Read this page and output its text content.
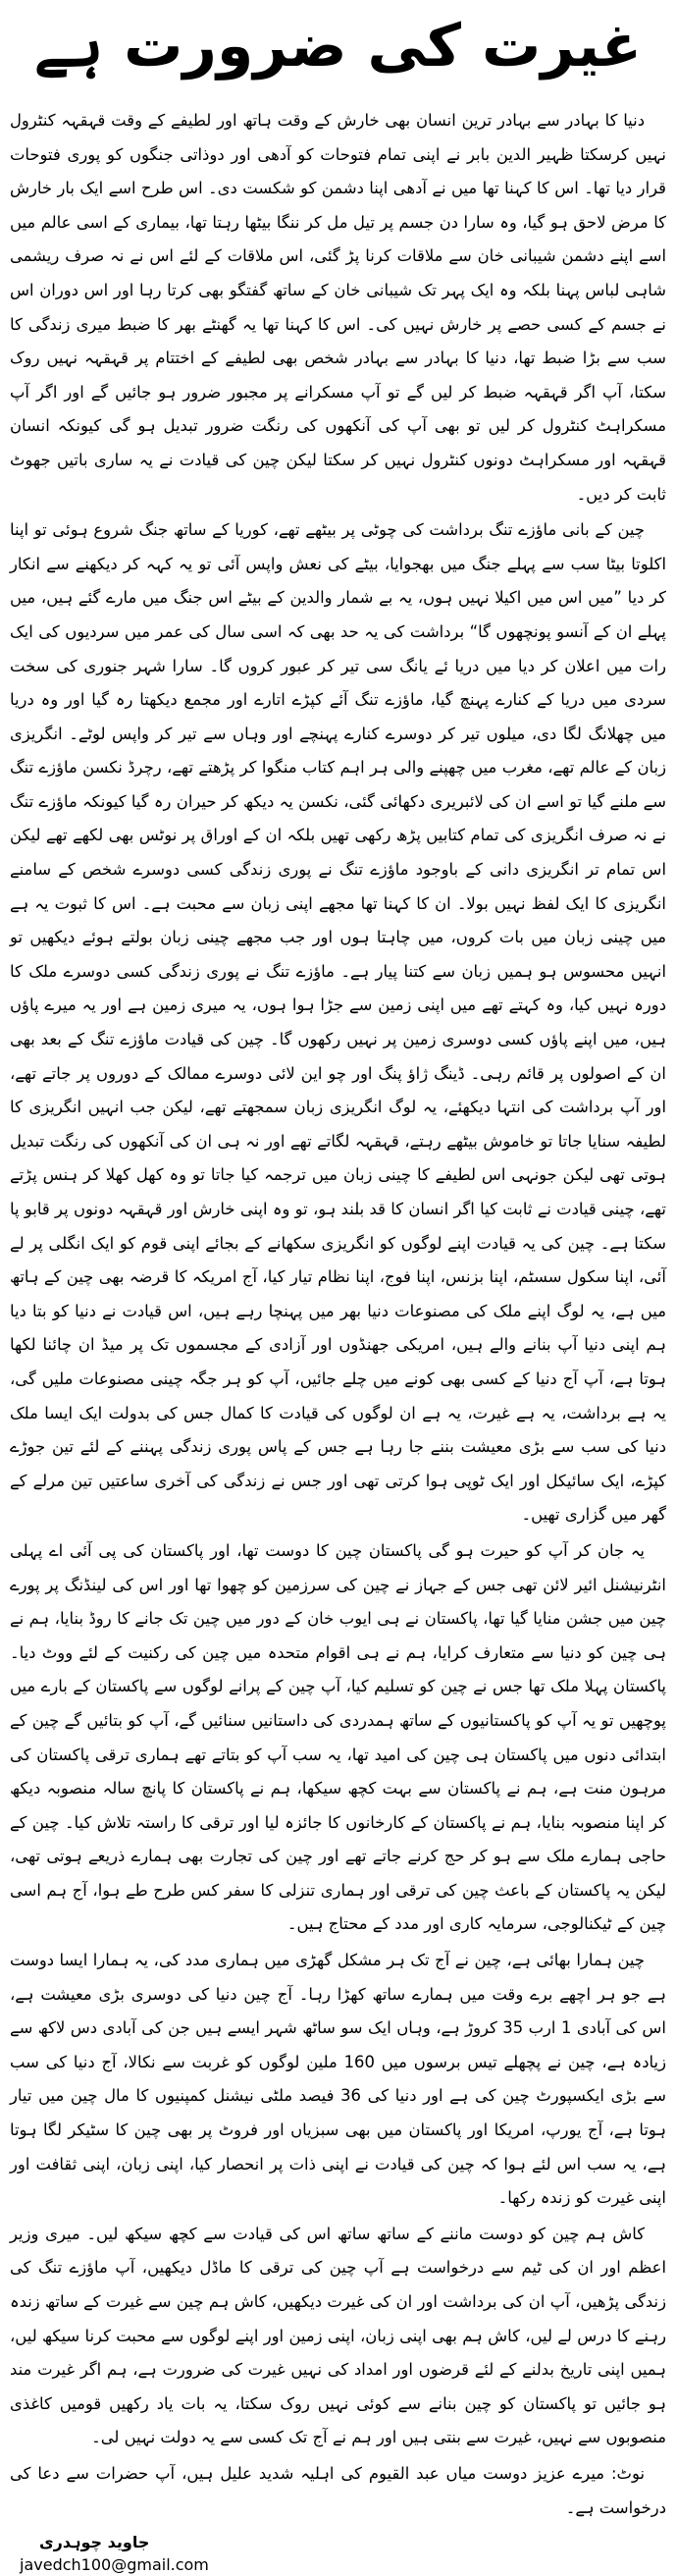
غیرت کی ضرورت ہے

دنیا کا بہادر سے بہادر ترین انسان بھی خارش کے وقت ہاتھ اور لطیفے کے وقت قہقہہ کنٹرول نہیں کرسکتا ظہیر الدین بابر نے اپنی تمام فتوحات کو آدھی اور دوذاتی جنگوں کو پوری فتوحات قرار دیا تھا۔ اس کا کہنا تھا میں نے آدھی اپنا دشمن کو شکست دی۔ اس طرح اسے ایک بار خارش کا مرض لاحق ہو گیا، وہ سارا دن جسم پر تیل مل کر ننگا بیٹھا رہتا تھا، بیماری کے اسی عالم میں اسے اپنے دشمن شیبانی خان سے ملاقات کرنا پڑ گئی، اس ملاقات کے لئے اس نے نہ صرف ریشمی شاہی لباس پہنا بلکہ وہ ایک پہر تک شیبانی خان کے ساتھ گفتگو بھی کرتا رہا اور اس دوران اس نے جسم کے کسی حصے پر خارش نہیں کی۔ اس کا کہنا تھا یہ گھنٹے بھر کا ضبط میری زندگی کا سب سے بڑا ضبط تھا، دنیا کا بہادر سے بہادر شخص بھی لطیفے کے اختتام پر قہقہہ نہیں روک سکتا، آپ اگر قہقہہ ضبط کر لیں گے تو آپ مسکرانے پر مجبور ضرور ہو جائیں گے اور اگر آپ مسکراہٹ کنٹرول کر لیں تو بھی آپ کی آنکھوں کی رنگت ضرور تبدیل ہو گی کیونکہ انسان قہقہہ اور مسکراہٹ دونوں کنٹرول نہیں کر سکتا لیکن چین کی قیادت نے یہ ساری باتیں جھوٹ ثابت کر دیں۔

چین کے بانی ماؤزے تنگ برداشت کی چوٹی پر بیٹھے تھے، کوریا کے ساتھ جنگ شروع ہوئی تو اپنا اکلوتا بیٹا سب سے پہلے جنگ میں بھجوایا، بیٹے کی نعش واپس آئی تو یہ کہہ کر دیکھنے سے انکار کر دیا ”میں اس میں اکیلا نہیں ہوں، یہ بے شمار والدین کے بیٹے اس جنگ میں مارے گئے ہیں، میں پہلے ان کے آنسو پونچھوں گا“ برداشت کی یہ حد بھی کہ اسی سال کی عمر میں سردیوں کی ایک رات میں اعلان کر دیا میں دریا ئے یانگ سی تیر کر عبور کروں گا۔ سارا شہر جنوری کی سخت سردی میں دریا کے کنارے پہنچ گیا، ماؤزے تنگ آئے کپڑے اتارے اور مجمع دیکھتا رہ گیا اور وہ دریا میں چھلانگ لگا دی، میلوں تیر کر دوسرے کنارے پہنچے اور وہاں سے تیر کر واپس لوٹے۔ انگریزی زبان کے عالم تھے، مغرب میں چھپنے والی ہر اہم کتاب منگوا کر پڑھتے تھے، رچرڈ نکسن ماؤزے تنگ سے ملنے گیا تو اسے ان کی لائبریری دکھائی گئی، نکسن یہ دیکھ کر حیران رہ گیا کیونکہ ماؤزے تنگ نے نہ صرف انگریزی کی تمام کتابیں پڑھ رکھی تھیں بلکہ ان کے اوراق پر نوٹس بھی لکھے تھے لیکن اس تمام تر انگریزی دانی کے باوجود ماؤزے تنگ نے پوری زندگی کسی دوسرے شخص کے سامنے انگریزی کا ایک لفظ نہیں بولا۔ ان کا کہنا تھا مجھے اپنی زبان سے محبت ہے۔ اس کا ثبوت یہ ہے میں چینی زبان میں بات کروں، میں چاہتا ہوں اور جب مجھے چینی زبان بولتے ہوئے دیکھیں تو انہیں محسوس ہو ہمیں زبان سے کتنا پیار ہے۔ ماؤزے تنگ نے پوری زندگی کسی دوسرے ملک کا دورہ نہیں کیا، وہ کہتے تھے میں اپنی زمین سے جڑا ہوا ہوں، یہ میری زمین ہے اور یہ میرے پاؤں ہیں، میں اپنے پاؤں کسی دوسری زمین پر نہیں رکھوں گا۔ چین کی قیادت ماؤزے تنگ کے بعد بھی ان کے اصولوں پر قائم رہی۔ ڈینگ ژاؤ پنگ اور چو این لائی دوسرے ممالک کے دوروں پر جاتے تھے، اور آپ برداشت کی انتہا دیکھئے، یہ لوگ انگریزی زبان سمجھتے تھے، لیکن جب انہیں انگریزی کا لطیفہ سنایا جاتا تو خاموش بیٹھے رہتے، قہقہہ لگاتے تھے اور نہ ہی ان کی آنکھوں کی رنگت تبدیل ہوتی تھی لیکن جونہی اس لطیفے کا چینی زبان میں ترجمہ کیا جاتا تو وہ کھل کھلا کر ہنس پڑتے تھے، چینی قیادت نے ثابت کیا اگر انسان کا قد بلند ہو، تو وہ اپنی خارش اور قہقہہ دونوں پر قابو پا سکتا ہے۔ چین کی یہ قیادت اپنے لوگوں کو انگریزی سکھانے کے بجائے اپنی قوم کو ایک انگلی پر لے آئی، اپنا سکول سسٹم، اپنا بزنس، اپنا فوج، اپنا نظام تیار کیا، آج امریکہ کا قرضہ بھی چین کے ہاتھ میں ہے، یہ لوگ اپنے ملک کی مصنوعات دنیا بھر میں پہنچا رہے ہیں، اس قیادت نے دنیا کو بتا دیا ہم اپنی دنیا آپ بنانے والے ہیں، امریکی جھنڈوں اور آزادی کے مجسموں تک پر میڈ ان چائنا لکھا ہوتا ہے، آپ آج دنیا کے کسی بھی کونے میں چلے جائیں، آپ کو ہر جگہ چینی مصنوعات ملیں گی، یہ ہے برداشت، یہ ہے غیرت، یہ ہے ان لوگوں کی قیادت کا کمال جس کی بدولت ایک ایسا ملک دنیا کی سب سے بڑی معیشت بننے جا رہا ہے جس کے پاس پوری زندگی پہننے کے لئے تین جوڑے کپڑے، ایک سائیکل اور ایک ٹوپی ہوا کرتی تھی اور جس نے زندگی کی آخری ساعتیں تین مرلے کے گھر میں گزاری تھیں۔

یہ جان کر آپ کو حیرت ہو گی پاکستان چین کا دوست تھا، اور پاکستان کی پی آئی اے پہلی انٹرنیشنل ائیر لائن تھی جس کے جہاز نے چین کی سرزمین کو چھوا تھا اور اس کی لینڈنگ پر پورے چین میں جشن منایا گیا تھا، پاکستان نے ہی ایوب خان کے دور میں چین تک جانے کا روڈ بنایا، ہم نے ہی چین کو دنیا سے متعارف کرایا، ہم نے ہی اقوام متحدہ میں چین کی رکنیت کے لئے ووٹ دیا۔ پاکستان پہلا ملک تھا جس نے چین کو تسلیم کیا، آپ چین کے پرانے لوگوں سے پاکستان کے بارے میں پوچھیں تو یہ آپ کو پاکستانیوں کے ساتھ ہمدردی کی داستانیں سنائیں گے، آپ کو بتائیں گے چین کے ابتدائی دنوں میں پاکستان ہی چین کی امید تھا، یہ سب آپ کو بتاتے تھے ہماری ترقی پاکستان کی مرہون منت ہے، ہم نے پاکستان سے بہت کچھ سیکھا، ہم نے پاکستان کا پانچ سالہ منصوبہ دیکھ کر اپنا منصوبہ بنایا، ہم نے پاکستان کے کارخانوں کا جائزہ لیا اور ترقی کا راستہ تلاش کیا۔ چین کے حاجی ہمارے ملک سے ہو کر حج کرنے جاتے تھے اور چین کی تجارت بھی ہمارے ذریعے ہوتی تھی، لیکن یہ پاکستان کے باعث چین کی ترقی اور ہماری تنزلی کا سفر کس طرح طے ہوا، آج ہم اسی چین کے ٹیکنالوجی، سرمایہ کاری اور مدد کے محتاج ہیں۔

چین ہمارا بھائی ہے، چین نے آج تک ہر مشکل گھڑی میں ہماری مدد کی، یہ ہمارا ایسا دوست ہے جو ہر اچھے برے وقت میں ہمارے ساتھ کھڑا رہا۔ آج چین دنیا کی دوسری بڑی معیشت ہے، اس کی آبادی 1 ارب 35 کروڑ ہے، وہاں ایک سو ساٹھ شہر ایسے ہیں جن کی آبادی دس لاکھ سے زیادہ ہے، چین نے پچھلے تیس برسوں میں 160 ملین لوگوں کو غربت سے نکالا، آج دنیا کی سب سے بڑی ایکسپورٹ چین کی ہے اور دنیا کی 36 فیصد ملٹی نیشنل کمپنیوں کا مال چین میں تیار ہوتا ہے، آج یورپ، امریکا اور پاکستان میں بھی سبزیاں اور فروٹ پر بھی چین کا سٹیکر لگا ہوتا ہے، یہ سب اس لئے ہوا کہ چین کی قیادت نے اپنی ذات پر انحصار کیا، اپنی زبان، اپنی ثقافت اور اپنی غیرت کو زندہ رکھا۔

کاش ہم چین کو دوست ماننے کے ساتھ ساتھ اس کی قیادت سے کچھ سیکھ لیں۔ میری وزیر اعظم اور ان کی ٹیم سے درخواست ہے آپ چین کی ترقی کا ماڈل دیکھیں، آپ ماؤزے تنگ کی زندگی پڑھیں، آپ ان کی برداشت اور ان کی غیرت دیکھیں، کاش ہم چین سے غیرت کے ساتھ زندہ رہنے کا درس لے لیں، کاش ہم بھی اپنی زبان، اپنی زمین اور اپنے لوگوں سے محبت کرنا سیکھ لیں، ہمیں اپنی تاریخ بدلنے کے لئے قرضوں اور امداد کی نہیں غیرت کی ضرورت ہے، ہم اگر غیرت مند ہو جائیں تو پاکستان کو چین بنانے سے کوئی نہیں روک سکتا، یہ بات یاد رکھیں قومیں کاغذی منصوبوں سے نہیں، غیرت سے بنتی ہیں اور ہم نے آج تک کسی سے یہ دولت نہیں لی۔

نوٹ: میرے عزیز دوست میاں عبد القیوم کی اہلیہ شدید علیل ہیں، آپ حضرات سے دعا کی درخواست ہے۔

جاوید چوہدری
javedch100@gmail.com
